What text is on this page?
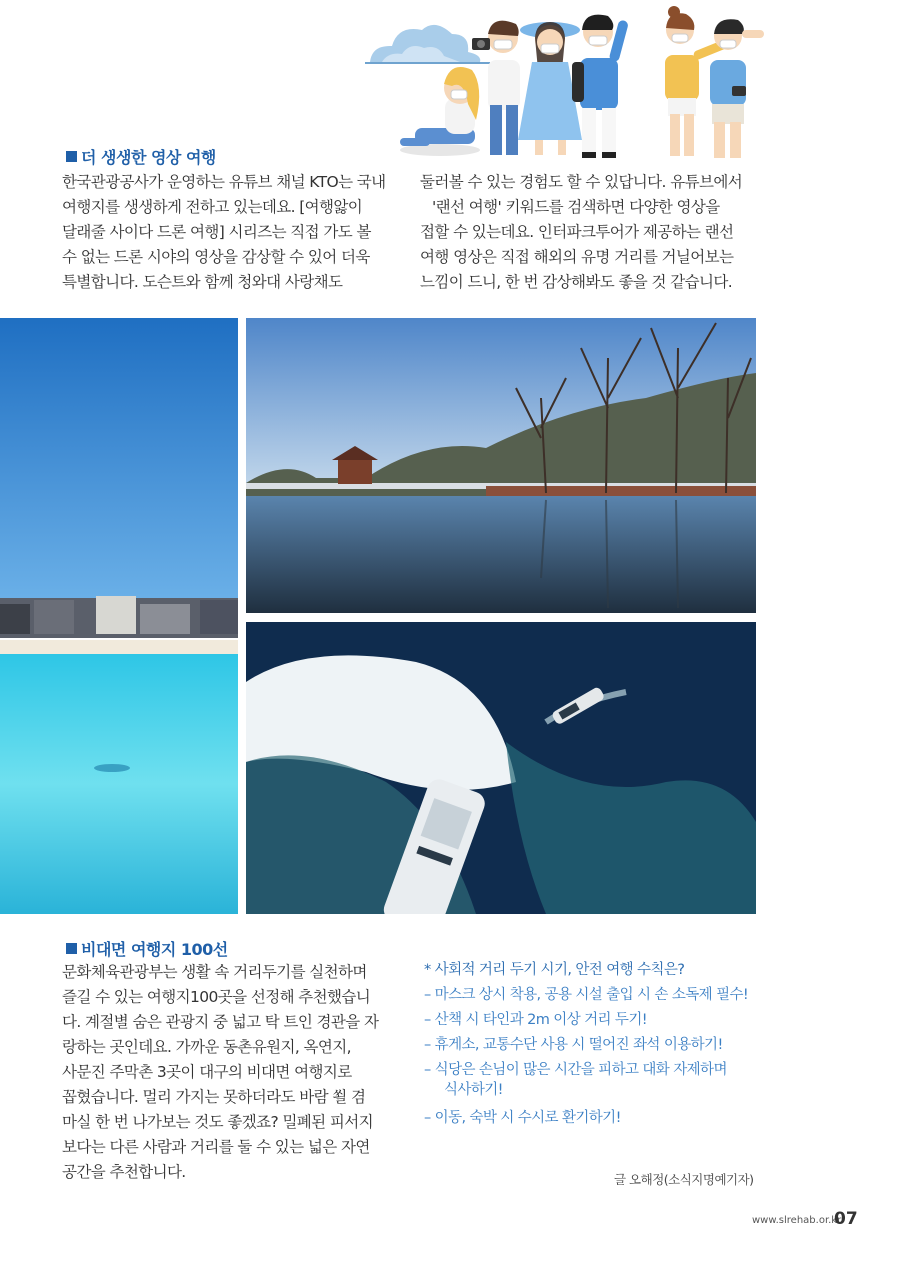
더 생생한 영상 여행

한국관광공사가 운영하는 유튜브 채널 KTO는 국내

여행지를 생생하게 전하고 있는데요. [여행앓이

달래줄 사이다 드론 여행] 시리즈는 직접 가도 볼

수 없는 드론 시야의 영상을 감상할 수 있어 더욱

특별합니다. 도슨트와 함께 청와대 사랑채도

둘러볼 수 있는 경험도 할 수 있답니다. 유튜브에서

'랜선 여행' 키워드를 검색하면 다양한 영상을

접할 수 있는데요. 인터파크투어가 제공하는 랜선

여행 영상은 직접 해외의 유명 거리를 거닐어보는

느낌이 드니, 한 번 감상해봐도 좋을 것 같습니다.

비대면 여행지 100선

문화체육관광부는 생활 속 거리두기를 실천하며

즐길 수 있는 여행지100곳을 선정해 추천했습니

다. 계절별 숨은 관광지 중 넓고 탁 트인 경관을 자

랑하는 곳인데요. 가까운 동촌유원지, 옥연지,

사문진 주막촌 3곳이 대구의 비대면 여행지로

꼽혔습니다. 멀리 가지는 못하더라도 바람 쐴 겸

마실 한 번 나가보는 것도 좋겠죠? 밀폐된 피서지

보다는 다른 사람과 거리를 둘 수 있는 넓은 자연

공간을 추천합니다.

* 사회적 거리 두기 시기, 안전 여행 수칙은?
– 마스크 상시 착용, 공용 시설 출입 시 손 소독제 필수!
– 산책 시 타인과 2m 이상 거리 두기!
– 휴게소, 교통수단 사용 시 떨어진 좌석 이용하기!
– 식당은 손님이 많은 시간을 피하고 대화 자제하며
식사하기!
– 이동, 숙박 시 수시로 환기하기!
글 오해정(소식지명예기자)
www.slrehab.or.kr
07
